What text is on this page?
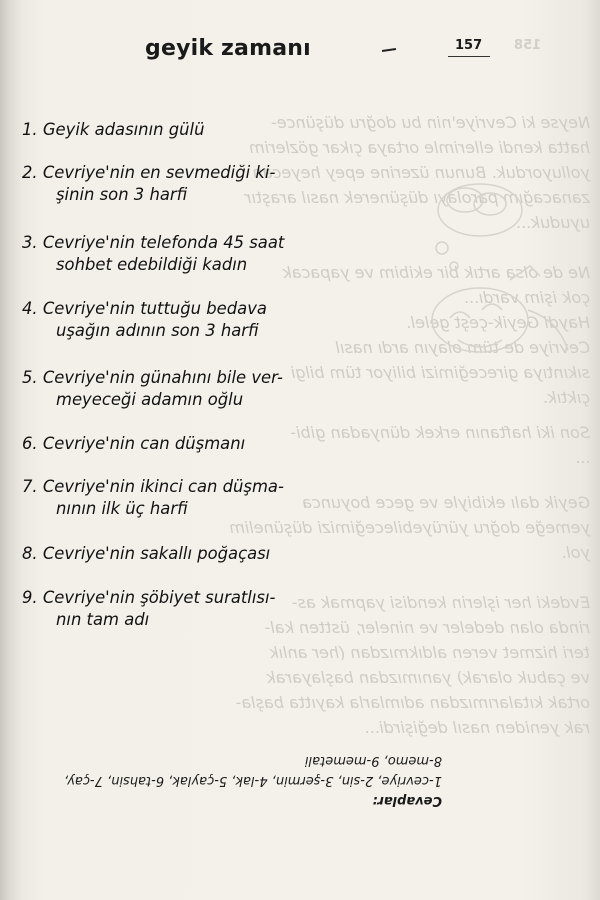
Neyse ki Cevriye'nin bu doğru düşünce-
hatta kendi ellerimle ortaya çıkar gözlerim
yolluyorduk. Bunun üzerine epey heyecan
zanacağım parolayı düşünerek nasıl araştır
uyuduk...
Ne de olsa artık bir ekibim ve yapacak
çok işim vardı...
Haydi Geyik-çeşt gelel.
Cevriye de tüm olayın ardı nasıl
sıkıntıya gireceğimizi biliyor tüm bilgi
çıktık.
Son iki haftanın erkek dünyadan gibi-
...
Geyik dalı ekibiyle ve gece boyunca
yemeğe doğru yürüyebileceğimizi düşünelim
yol.
Evdeki her işlerin kendisi yapmak as-
rinda olan dedeler ve nineler, üstten kal-
teri hizmet veren aldıkmızdan (her anlık
ve çabuk olarak) yanımızdan başlayarak
ortak kıtalarımızdan adımlarla kayıtta başla-
rak yeniden nasıl değişirdi...
158
geyik zamanı	157
1. Geyik adasının gülü
2. Cevriye'nin en sevmediği ki-
şinin son 3 harfi
3. Cevriye'nin telefonda 45 saat
sohbet edebildiği kadın
4. Cevriye'nin tuttuğu bedava
uşağın adının son 3 harfi
5. Cevriye'nin günahını bile ver-
meyeceği adamın oğlu
6. Cevriye'nin can düşmanı
7. Cevriye'nin ikinci can düşma-
nının ilk üç harfi
8. Cevriye'nin sakallı poğaçası
9. Cevriye'nin şöbiyet suratlısı-
nın tam adı
Cevaplar:
1-cevriye, 2-sin, 3-şermin, 4-lak, 5-çaylak, 6-tahsin, 7-çay,
8-memo, 9-memetali
